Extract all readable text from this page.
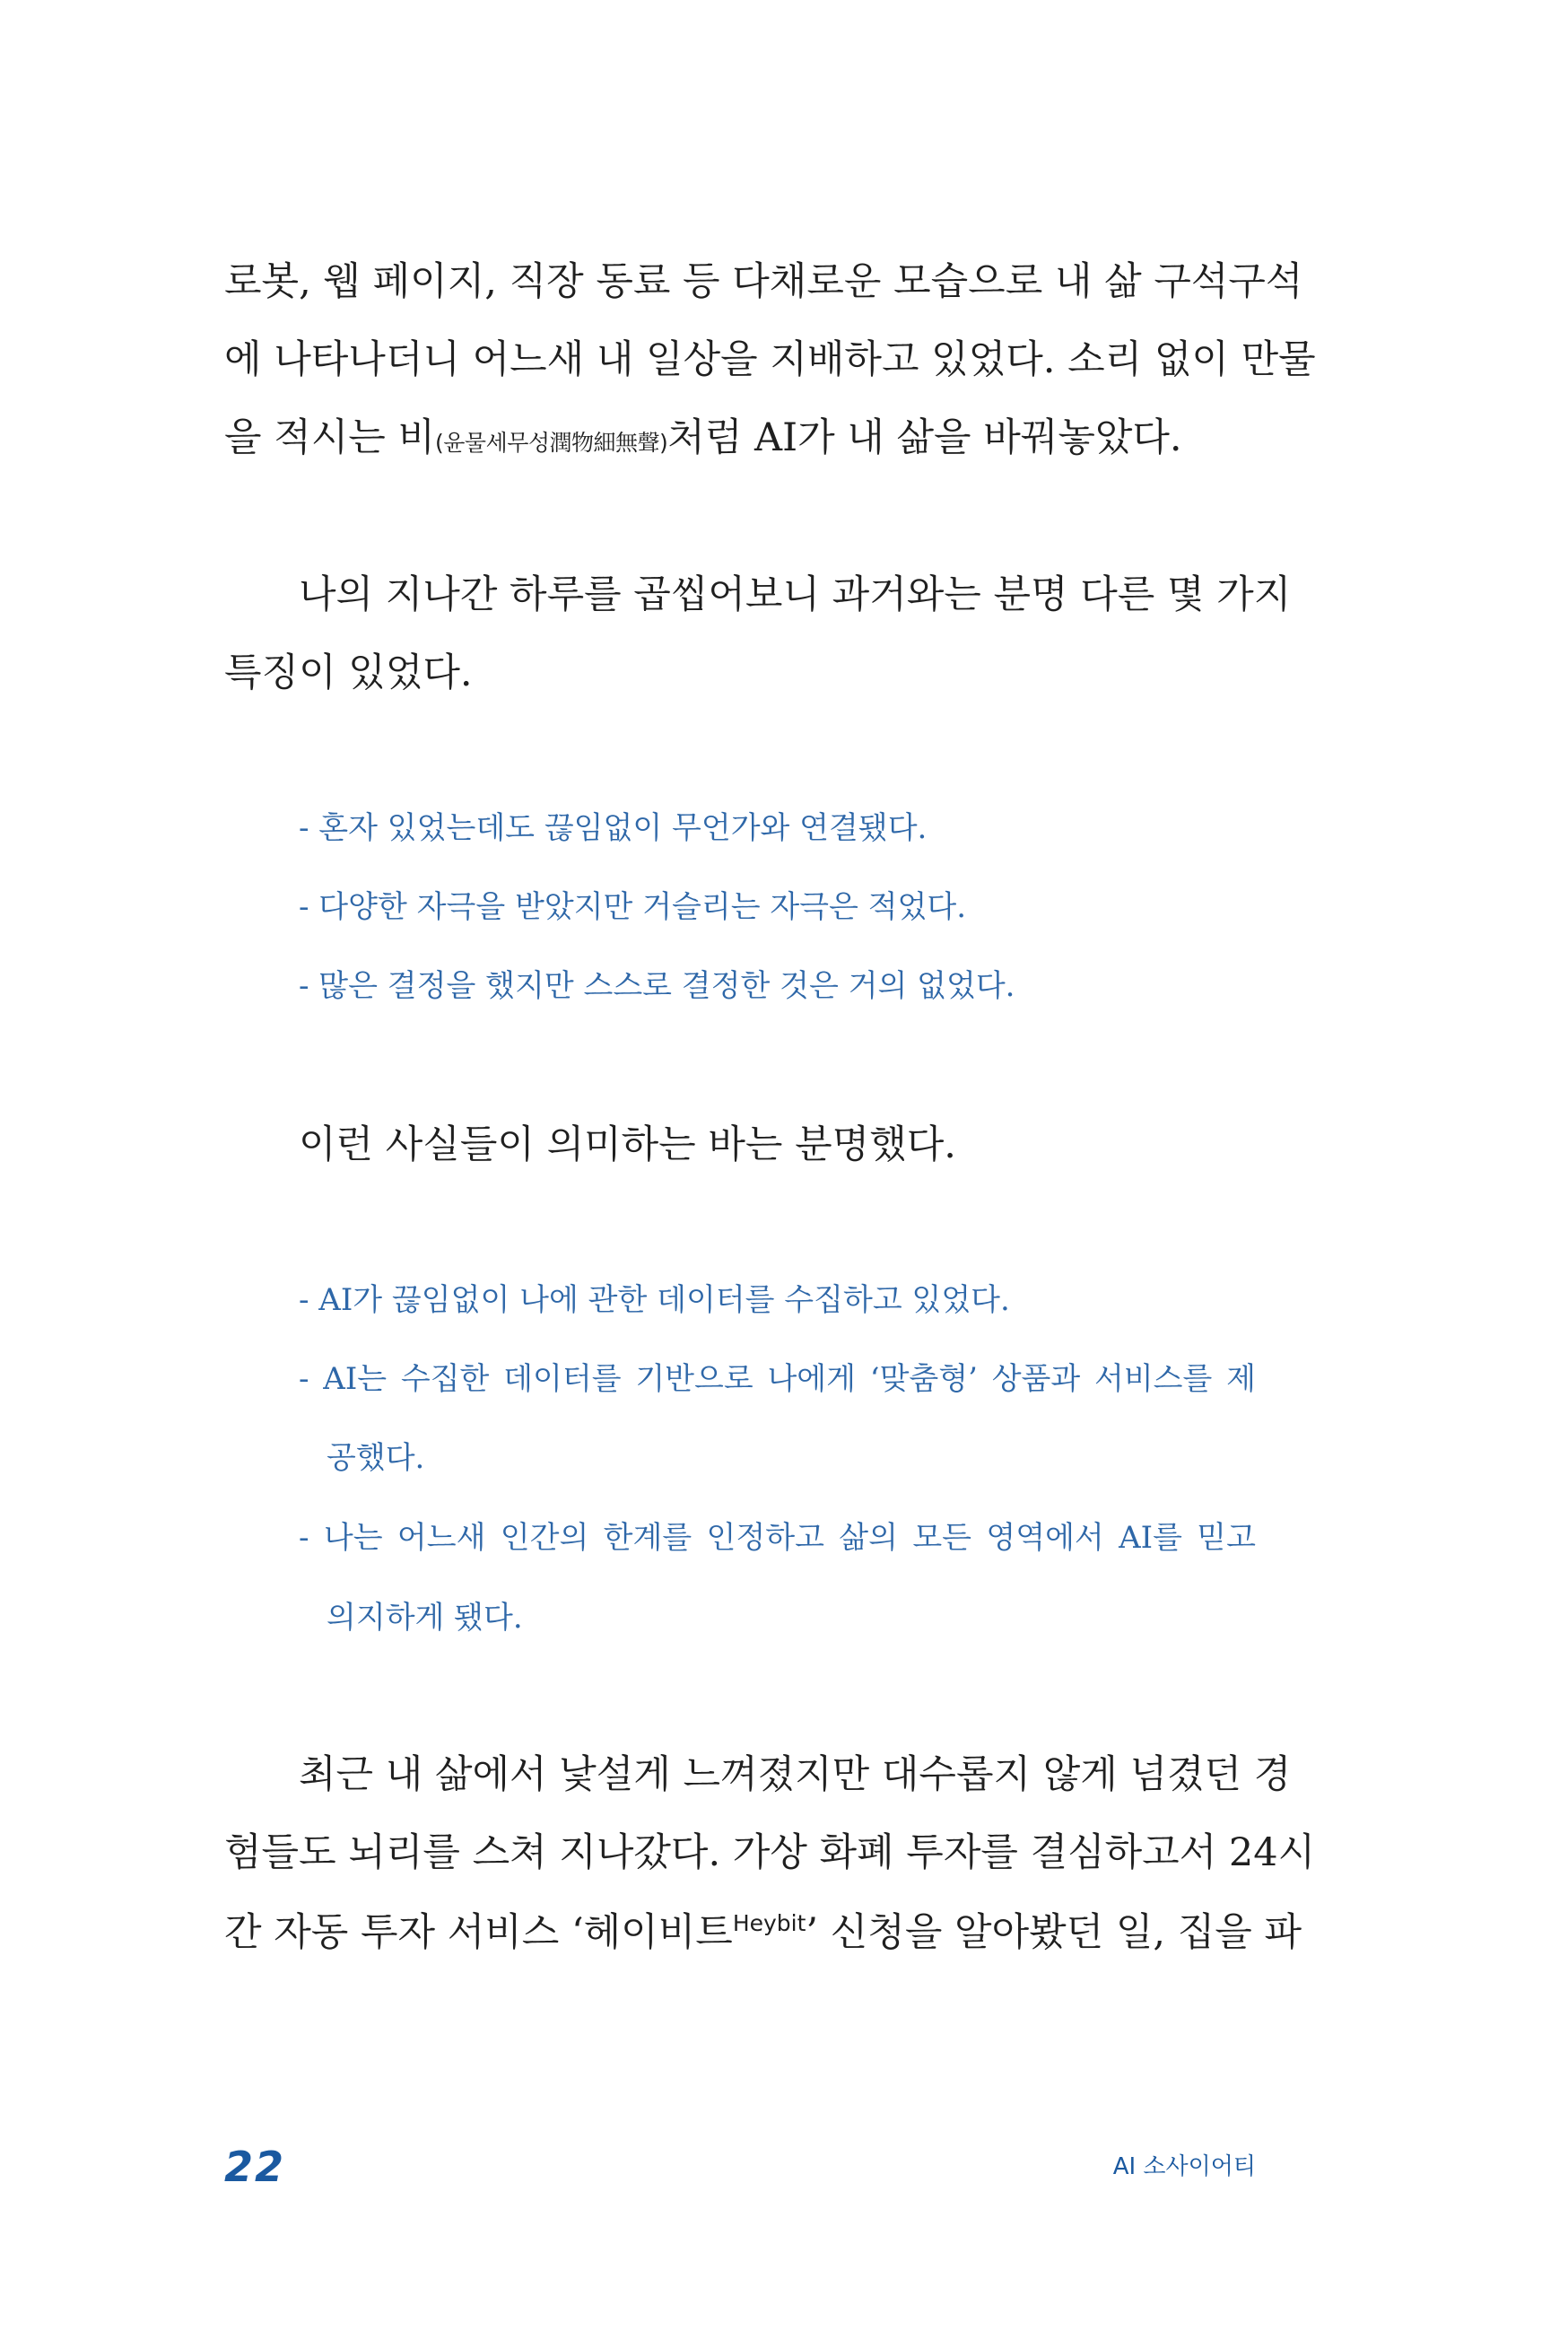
로봇, 웹 페이지, 직장 동료 등 다채로운 모습으로 내 삶 구석구석
에 나타나더니 어느새 내 일상을 지배하고 있었다. 소리 없이 만물
을 적시는 비(윤물세무성潤物細無聲)처럼 AI가 내 삶을 바꿔놓았다.
나의 지나간 하루를 곱씹어보니 과거와는 분명 다른 몇 가지
특징이 있었다.
- 혼자 있었는데도 끊임없이 무언가와 연결됐다.
- 다양한 자극을 받았지만 거슬리는 자극은 적었다.
- 많은 결정을 했지만 스스로 결정한 것은 거의 없었다.
이런 사실들이 의미하는 바는 분명했다.
- AI가 끊임없이 나에 관한 데이터를 수집하고 있었다.
- AI는 수집한 데이터를 기반으로 나에게 ‘맞춤형’ 상품과 서비스를 제
공했다.
- 나는 어느새 인간의 한계를 인정하고 삶의 모든 영역에서 AI를 믿고
의지하게 됐다.
최근 내 삶에서 낯설게 느껴졌지만 대수롭지 않게 넘겼던 경
험들도 뇌리를 스쳐 지나갔다. 가상 화폐 투자를 결심하고서 24시
간 자동 투자 서비스 ‘헤이비트$^{Heybit}$’ 신청을 알아봤던 일, 집을 파
22	AI 소사이어티
